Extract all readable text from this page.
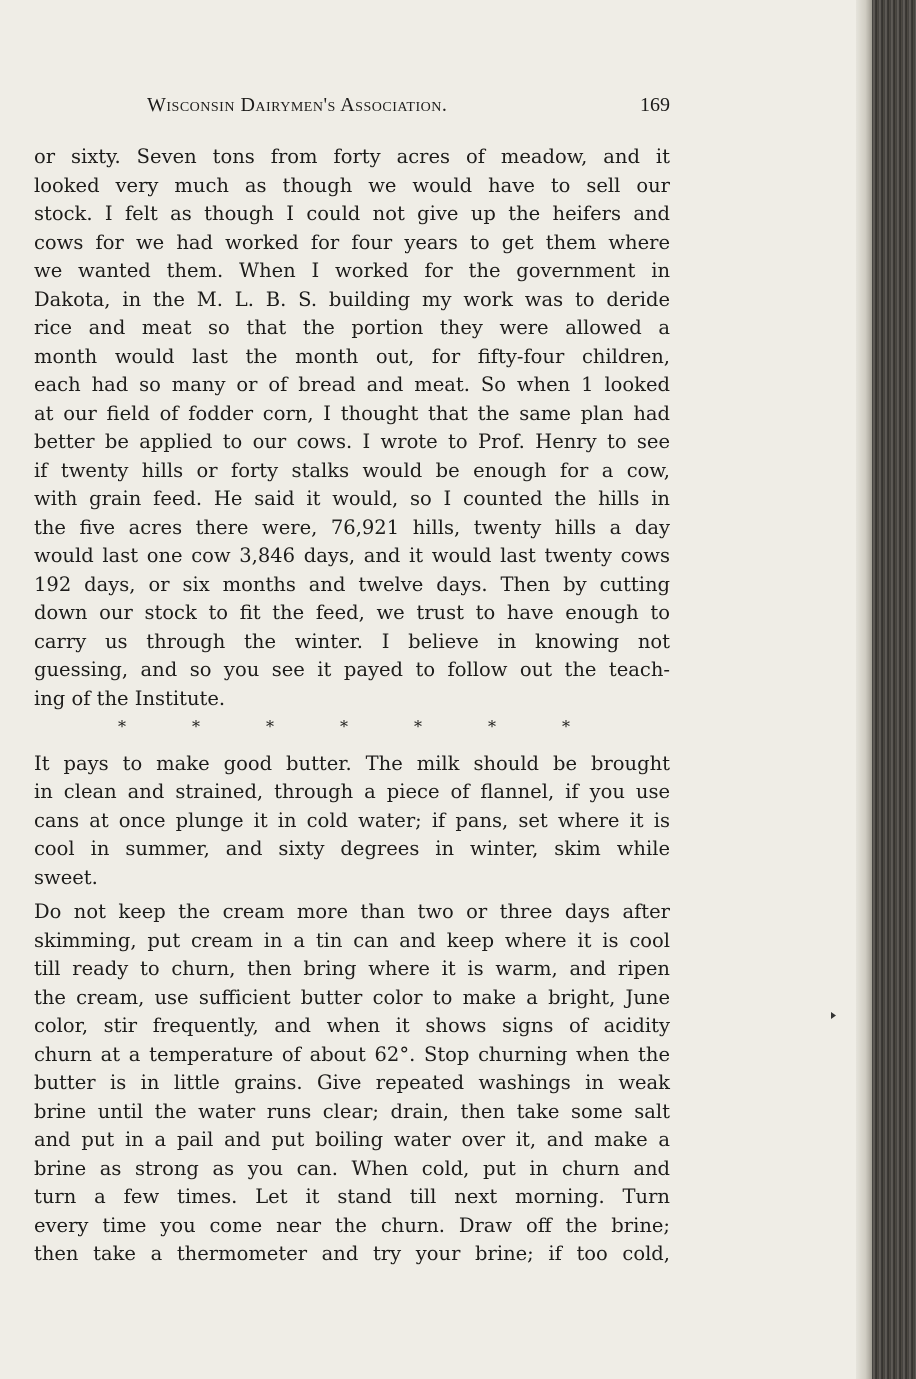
Wisconsin Dairymen's Association.	169
or sixty. Seven tons from forty acres of meadow, and it
looked very much as though we would have to sell our
stock. I felt as though I could not give up the heifers and
cows for we had worked for four years to get them where
we wanted them. When I worked for the government in
Dakota, in the M. L. B. S. building my work was to deride
rice and meat so that the portion they were allowed a
month would last the month out, for fifty-four children,
each had so many or of bread and meat. So when 1 looked
at our field of fodder corn, I thought that the same plan had
better be applied to our cows. I wrote to Prof. Henry to see
if twenty hills or forty stalks would be enough for a cow,
with grain feed. He said it would, so I counted the hills in
the five acres there were, 76,921 hills, twenty hills a day
would last one cow 3,846 days, and it would last twenty cows
192 days, or six months and twelve days. Then by cutting
down our stock to fit the feed, we trust to have enough to
carry us through the winter. I believe in knowing not
guessing, and so you see it payed to follow out the teach-
ing of the Institute.
*	*	*	*	*	*	*
It pays to make good butter. The milk should be brought
in clean and strained, through a piece of flannel, if you use
cans at once plunge it in cold water; if pans, set where it is
cool in summer, and sixty degrees in winter, skim while
sweet.
Do not keep the cream more than two or three days after
skimming, put cream in a tin can and keep where it is cool
till ready to churn, then bring where it is warm, and ripen
the cream, use sufficient butter color to make a bright, June
color, stir frequently, and when it shows signs of acidity
churn at a temperature of about 62°. Stop churning when the
butter is in little grains. Give repeated washings in weak
brine until the water runs clear; drain, then take some salt
and put in a pail and put boiling water over it, and make a
brine as strong as you can. When cold, put in churn and
turn a few times. Let it stand till next morning. Turn
every time you come near the churn. Draw off the brine;
then take a thermometer and try your brine; if too cold,
